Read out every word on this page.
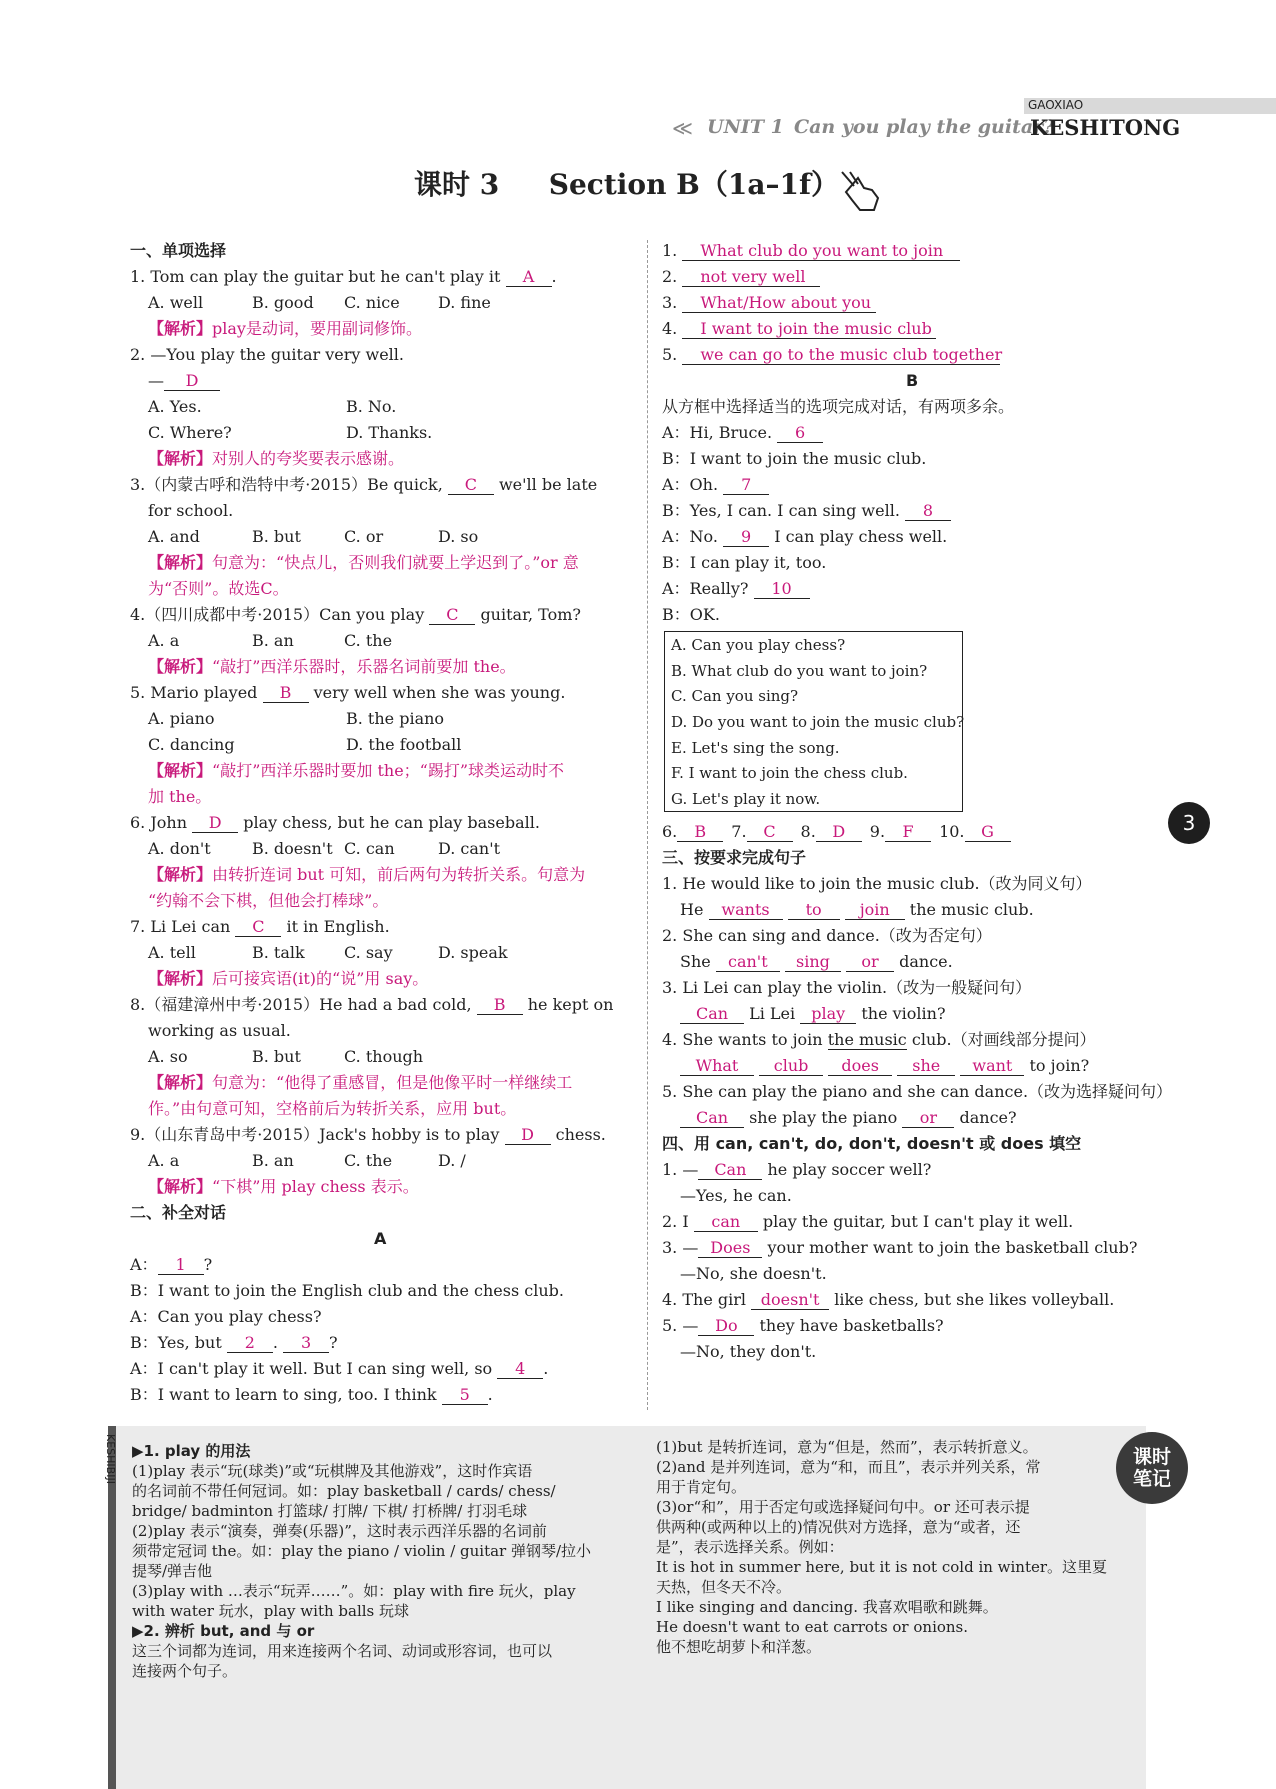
GAOXIAO
≪ UNIT 1 Can you play the guitar?
KESHITONG
课时 3 Section B（1a–1f）
一、单项选择
1. Tom can play the guitar but he can't play it A .
A. well	B. good C. nice D. fine
【解析】play是动词，要用副词修饰。
2. —You play the guitar very well.
— D
A. Yes.	B. No.
C. Where?	D. Thanks.
【解析】对别人的夸奖要表示感谢。
3.（内蒙古呼和浩特中考·2015）Be quick, C we'll be late
for school.
A. and	B. but	C. or	D. so
【解析】句意为：“快点儿，否则我们就要上学迟到了。”or 意
为“否则”。故选C。
4.（四川成都中考·2015）Can you play C guitar, Tom?
A. a	B. an	C. the
【解析】“敲打”西洋乐器时，乐器名词前要加 the。
5. Mario played B very well when she was young.
A. piano	B. the piano
C. dancing	D. the football
【解析】“敲打”西洋乐器时要加 the；“踢打”球类运动时不
加 the。
6. John D play chess, but he can play baseball.
A. don't	B. doesn't C. can	D. can't
【解析】由转折连词 but 可知，前后两句为转折关系。句意为
“约翰不会下棋，但他会打棒球”。
7. Li Lei can C it in English.
A. tell	B. talk C. say	D. speak
【解析】后可接宾语(it)的“说”用 say。
8.（福建漳州中考·2015）He had a bad cold, B he kept on
working as usual.
A. so	B. but	C. though
【解析】句意为：“他得了重感冒，但是他像平时一样继续工
作。”由句意可知，空格前后为转折关系，应用 but。
9.（山东青岛中考·2015）Jack's hobby is to play D chess.
A. a	B. an	C. the	D. /
【解析】“下棋”用 play chess 表示。
二、补全对话
A
A： 1 ?
B：I want to join the English club and the chess club.
A：Can you play chess?
B：Yes, but 2 . 3 ?
A：I can't play it well. But I can sing well, so 4 .
B：I want to learn to sing, too. I think 5 .
1. What club do you want to join
2. not very well
3. What/How about you
4. I want to join the music club
5. we can go to the music club together
B
从方框中选择适当的选项完成对话，有两项多余。
A：Hi, Bruce. 6
B：I want to join the music club.
A：Oh. 7
B：Yes, I can. I can sing well. 8
A：No. 9 I can play chess well.
B：I can play it, too.
A：Really? 10
B：OK.
A. Can you play chess?
B. What club do you want to join?
C. Can you sing?
D. Do you want to join the music club?
E. Let's sing the song.
F. I want to join the chess club.
G. Let's play it now.
6. B 7. C 8. D 9. F 10. G
三、按要求完成句子
1. He would like to join the music club.（改为同义句）
He wants to join the music club.
2. She can sing and dance.（改为否定句）
She can't sing or dance.
3. Li Lei can play the violin.（改为一般疑问句）
Can Li Lei play the violin?
4. She wants to join the music club.（对画线部分提问）
What club does she want to join?
5. She can play the piano and she can dance.（改为选择疑问句）
Can she play the piano or dance?
四、用 can, can't, do, don't, doesn't 或 does 填空
1. — Can he play soccer well?
—Yes, he can.
2. I can play the guitar, but I can't play it well.
3. — Does your mother want to join the basketball club?
—No, she doesn't.
4. The girl doesn't like chess, but she likes volleyball.
5. — Do they have basketballs?
—No, they don't.
3
KESHIBIJI ▶1. play 的用法
(1)play 表示“玩(球类)”或“玩棋牌及其他游戏”，这时作宾语
的名词前不带任何冠词。如：play basketball / cards/ chess/
bridge/ badminton 打篮球/ 打牌/ 下棋/ 打桥牌/ 打羽毛球
(2)play 表示“演奏，弹奏(乐器)”，这时表示西洋乐器的名词前
须带定冠词 the。如：play the piano / violin / guitar 弹钢琴/拉小
提琴/弹吉他
(3)play with …表示“玩弄……”。如：play with fire 玩火，play
with water 玩水，play with balls 玩球
▶2. 辨析 but, and 与 or
这三个词都为连词，用来连接两个名词、动词或形容词，也可以
连接两个句子。
(1)but 是转折连词，意为“但是，然而”，表示转折意义。
(2)and 是并列连词，意为“和，而且”，表示并列关系，常
用于肯定句。
(3)or“和”，用于否定句或选择疑问句中。or 还可表示提
供两种(或两种以上的)情况供对方选择，意为“或者，还
是”，表示选择关系。例如：
It is hot in summer here, but it is not cold in winter。这里夏
天热，但冬天不冷。
I like singing and dancing. 我喜欢唱歌和跳舞。
He doesn't want to eat carrots or onions.
他不想吃胡萝卜和洋葱。
课时笔记
